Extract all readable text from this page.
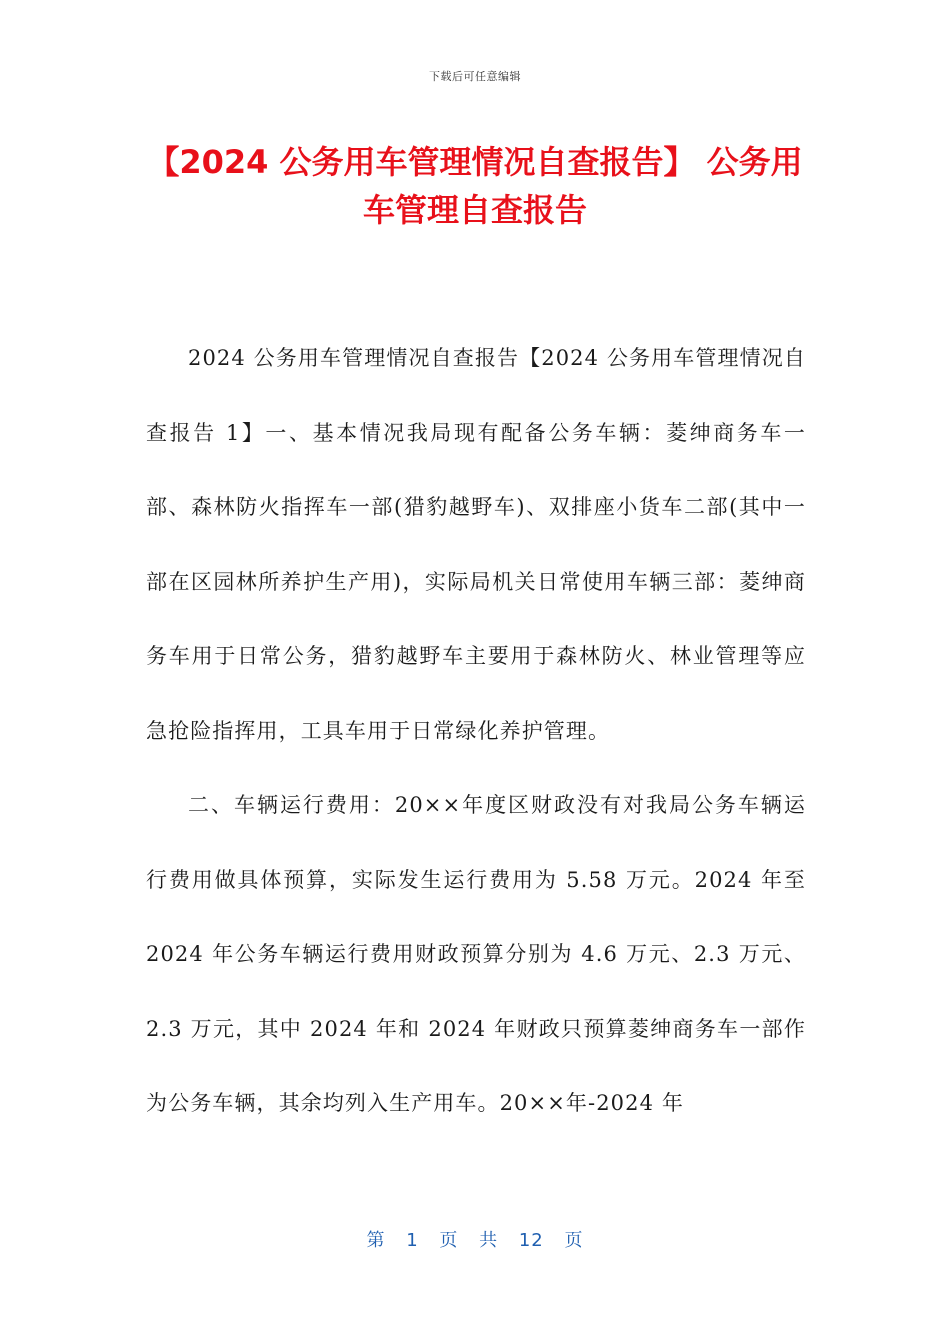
下载后可任意编辑
【2024 公务用车管理情况自查报告】 公务用车管理自查报告

2024 公务用车管理情况自查报告【2024 公务用车管理情况自查报告 1】一、基本情况我局现有配备公务车辆：菱绅商务车一部、森林防火指挥车一部(猎豹越野车)、双排座小货车二部(其中一部在区园林所养护生产用)，实际局机关日常使用车辆三部：菱绅商务车用于日常公务，猎豹越野车主要用于森林防火、林业管理等应急抢险指挥用，工具车用于日常绿化养护管理。

二、车辆运行费用：20××年度区财政没有对我局公务车辆运行费用做具体预算，实际发生运行费用为 5.58 万元。2024 年至 2024 年公务车辆运行费用财政预算分别为 4.6 万元、2.3 万元、2.3 万元，其中 2024 年和 2024 年财政只预算菱绅商务车一部作为公务车辆，其余均列入生产用车。20××年-2024 年

第 1 页 共 12 页
